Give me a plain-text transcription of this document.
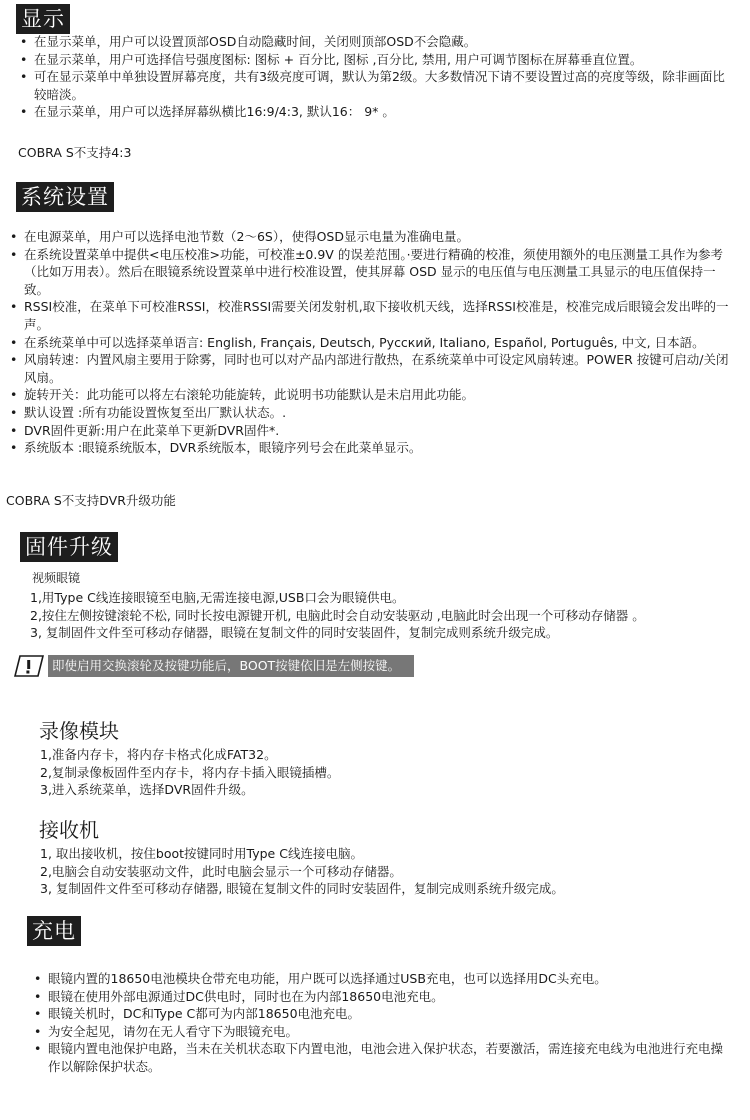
显示
• 在显示菜单，用户可以设置顶部OSD自动隐藏时间，关闭则顶部OSD不会隐藏。
• 在显示菜单，用户可选择信号强度图标: 图标 + 百分比, 图标 ,百分比, 禁用, 用户可调节图标在屏幕垂直位置。
• 可在显示菜单中单独设置屏幕亮度，共有3级亮度可调，默认为第2级。大多数情况下请不要设置过高的亮度等级，除非画面比较暗淡。
• 在显示菜单，用户可以选择屏幕纵横比16:9/4:3, 默认16： 9* 。
COBRA S不支持4:3
系统设置
• 在电源菜单，用户可以选择电池节数（2～6S），使得OSD显示电量为准确电量。
• 在系统设置菜单中提供<电压校准>功能，可校准±0.9V 的误差范围。·要进行精确的校准，须使用额外的电压测量工具作为参考（比如万用表）。然后在眼镜系统设置菜单中进行校准设置，使其屏幕 OSD 显示的电压值与电压测量工具显示的电压值保持一致。
• RSSI校准，在菜单下可校准RSSI，校准RSSI需要关闭发射机,取下接收机天线，选择RSSI校准是，校准完成后眼镜会发出哔的一声。
• 在系统菜单中可以选择菜单语言: English, Français, Deutsch, Русский, Italiano, Español, Português, 中文, 日本語。
• 风扇转速：内置风扇主要用于除雾，同时也可以对产品内部进行散热，在系统菜单中可设定风扇转速。POWER 按键可启动/关闭风扇。
• 旋转开关：此功能可以将左右滚轮功能旋转，此说明书功能默认是未启用此功能。
• 默认设置 :所有功能设置恢复至出厂默认状态。.
• DVR固件更新:用户在此菜单下更新DVR固件*.
• 系统版本 :眼镜系统版本，DVR系统版本，眼镜序列号会在此菜单显示。
COBRA S不支持DVR升级功能
固件升级
视频眼镜
1,用Type C线连接眼镜至电脑,无需连接电源,USB口会为眼镜供电。
2,按住左侧按键滚轮不松, 同时长按电源键开机, 电脑此时会自动安装驱动 ,电脑此时会出现一个可移动存储器 。
3, 复制固件文件至可移动存储器，眼镜在复制文件的同时安装固件，复制完成则系统升级完成。
即使启用交换滚轮及按键功能后，BOOT按键依旧是左侧按键。
录像模块
1,准备内存卡，将内存卡格式化成FAT32。
2,复制录像板固件至内存卡，将内存卡插入眼镜插槽。
3,进入系统菜单，选择DVR固件升级。
接收机
1, 取出接收机，按住boot按键同时用Type C线连接电脑。
2,电脑会自动安装驱动文件，此时电脑会显示一个可移动存储器。
3, 复制固件文件至可移动存储器, 眼镜在复制文件的同时安装固件，复制完成则系统升级完成。
充电
• 眼镜内置的18650电池模块仓带充电功能，用户既可以选择通过USB充电，也可以选择用DC头充电。
• 眼镜在使用外部电源通过DC供电时，同时也在为内部18650电池充电。
• 眼镜关机时，DC和Type C都可为内部18650电池充电。
• 为安全起见，请勿在无人看守下为眼镜充电。
• 眼镜内置电池保护电路，当未在关机状态取下内置电池，电池会进入保护状态，若要激活，需连接充电线为电池进行充电操作以解除保护状态。
